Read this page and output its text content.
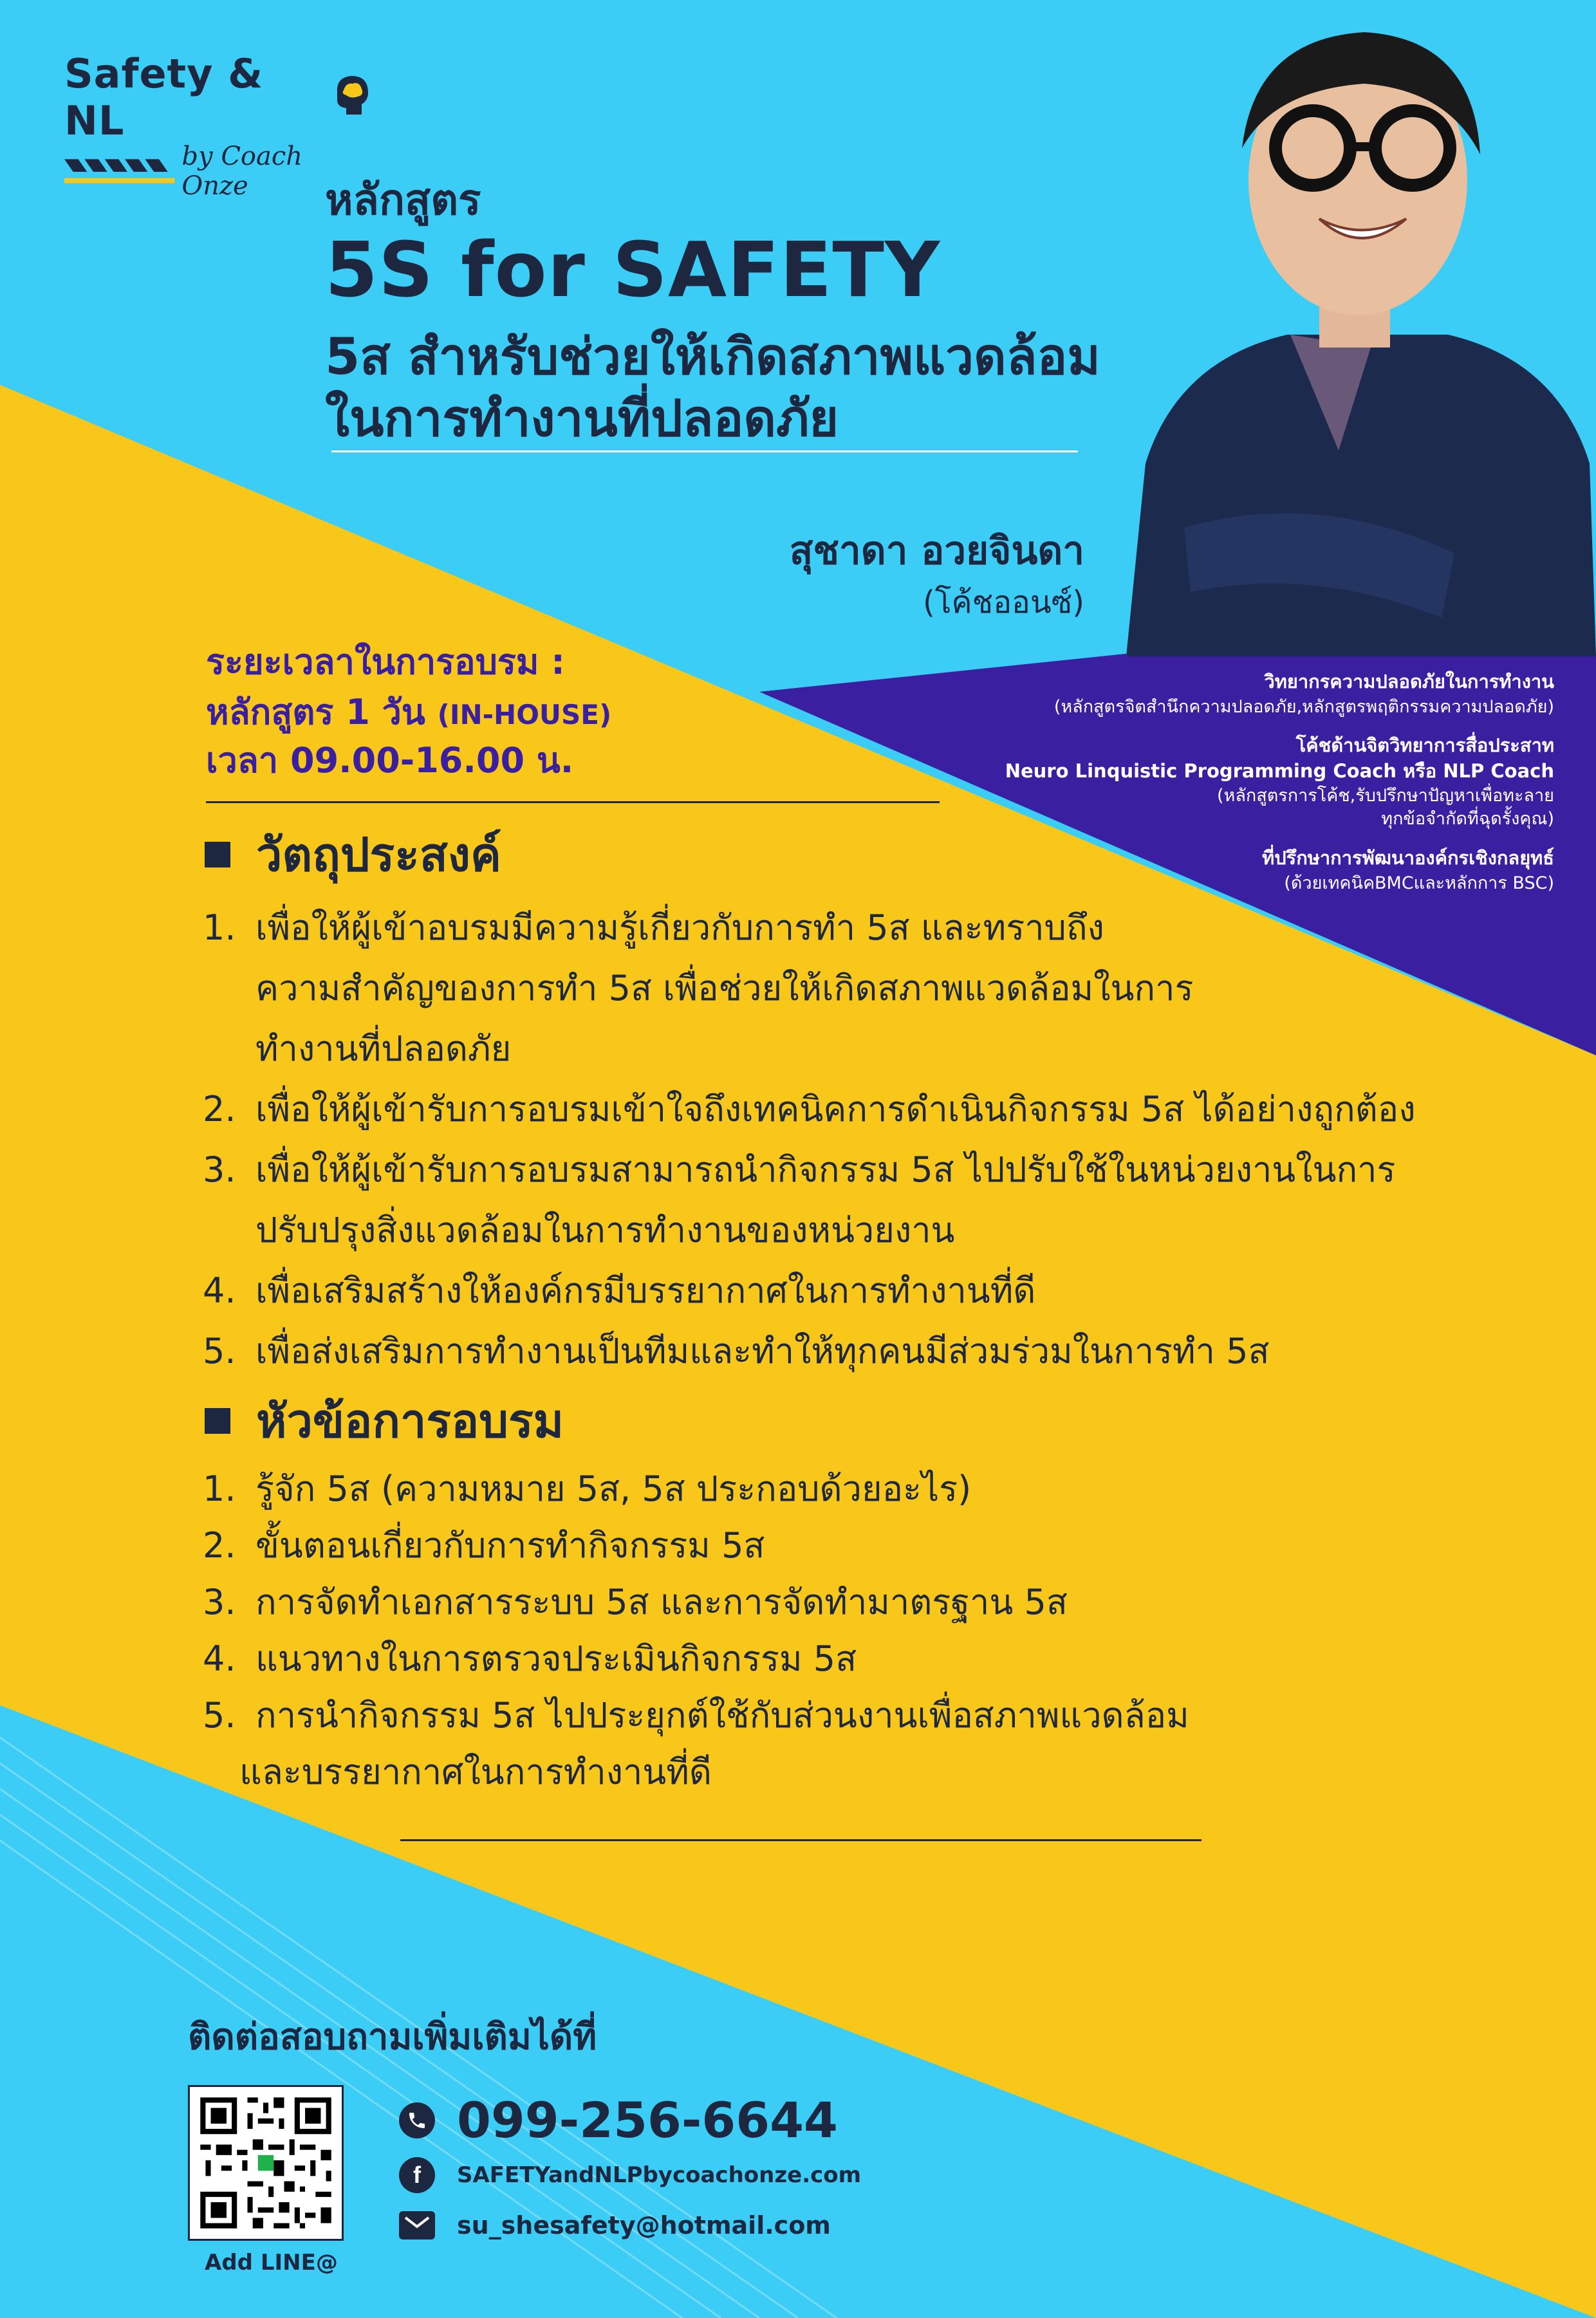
Safety & NL
by Coach Onze	หลักสูตร
5S for SAFETY
5ส สำหรับช่วยให้เกิดสภาพแวดล้อม
ในการทำงานที่ปลอดภัย
สุชาดา อวยจินดา
(โค้ชออนซ์)
ระยะเวลาในการอบรม :
หลักสูตร 1 วัน (IN-HOUSE)
เวลา 09.00-16.00 น.
วิทยากรความปลอดภัยในการทำงาน
(หลักสูตรจิตสำนึกความปลอดภัย,หลักสูตรพฤติกรรมความปลอดภัย)
โค้ชด้านจิตวิทยาการสื่อประสาท
Neuro Linquistic Programming Coach หรือ NLP Coach
(หลักสูตรการโค้ช,รับปรึกษาปัญหาเพื่อทะลาย
ทุกข้อจำกัดที่ฉุดรั้งคุณ)
ที่ปรึกษาการพัฒนาองค์กรเชิงกลยุทธ์
(ด้วยเทคนิคBMCและหลักการ BSC)
วัตถุประสงค์
1. เพื่อให้ผู้เข้าอบรมมีความรู้เกี่ยวกับการทำ 5ส และทราบถึง
ความสำคัญของการทำ 5ส เพื่อช่วยให้เกิดสภาพแวดล้อมในการ
ทำงานที่ปลอดภัย
2. เพื่อให้ผู้เข้ารับการอบรมเข้าใจถึงเทคนิคการดำเนินกิจกรรม 5ส ได้อย่างถูกต้อง
3. เพื่อให้ผู้เข้ารับการอบรมสามารถนำกิจกรรม 5ส ไปปรับใช้ในหน่วยงานในการ
ปรับปรุงสิ่งแวดล้อมในการทำงานของหน่วยงาน
4. เพื่อเสริมสร้างให้องค์กรมีบรรยากาศในการทำงานที่ดี
5. เพื่อส่งเสริมการทำงานเป็นทีมและทำให้ทุกคนมีส่วมร่วมในการทำ 5ส
หัวข้อการอบรม
1. รู้จัก 5ส (ความหมาย 5ส, 5ส ประกอบด้วยอะไร)
2. ขั้นตอนเกี่ยวกับการทำกิจกรรม 5ส
3. การจัดทำเอกสารระบบ 5ส และการจัดทำมาตรฐาน 5ส
4. แนวทางในการตรวจประเมินกิจกรรม 5ส
5. การนำกิจกรรม 5ส ไปประยุกต์ใช้กับส่วนงานเพื่อสภาพแวดล้อม
และบรรยากาศในการทำงานที่ดี
ติดต่อสอบถามเพิ่มเติมได้ที่
Add LINE@
099-256-6644
f	SAFETYandNLPbycoachonze.com
su_shesafety@hotmail.com
